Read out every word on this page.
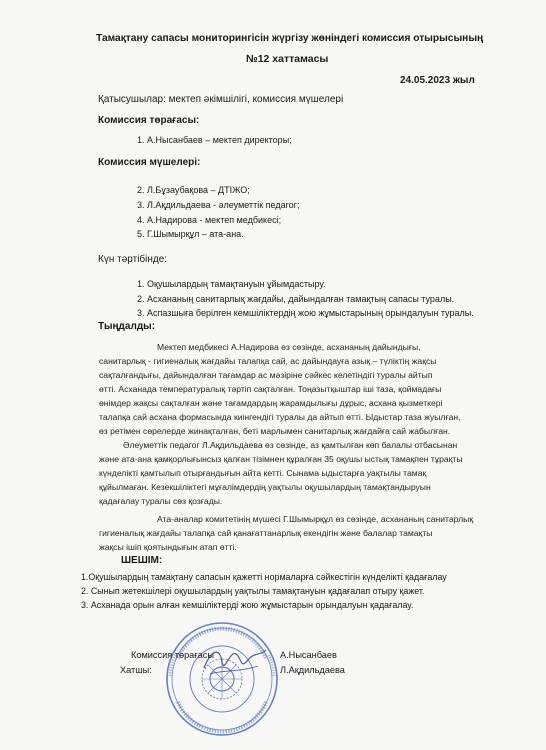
Тамақтану сапасы мониторингісін жүргізу жөніндегі комиссия отырысының
№12 хаттамасы
24.05.2023 жыл
Қатысушылар: мектеп әкімшілігі, комиссия мүшелері
Комиссия төрағасы:
1. А.Нысанбаев – мектеп директоры;
Комиссия мүшелері:
2. Л.Бұзаубақова – ДТІЖО;
3. Л.Ақдильдаева - әлеуметтік педагог;
4. А.Надирова - мектеп медбикесі;
5. Г.Шымырқұл – ата-ана.
Күн тәртібінде:
1. Оқушылардың тамақтануын ұйымдастыру.
2. Асхананың санитарлық жағдайы, дайындалған тамақтың сапасы туралы.
3. Аспазшыға берілген кемшіліктердің жою жұмыстарының орындалуын туралы.
Тыңдалды:
Мектеп медбикесі А.Надирова өз сөзінде, асхананың дайындығы,
санитарлық - гигиеналық жағдайы талапқа сай, ас дайындауға азық – түліктің жақсы
сақталғандығы, дайындалған тағамдар ас мәзіріне сәйкес келетіндігі туралы айтып
өтті. Асханада температуралық тәртіп сақталған. Тоңазытқыштар іші таза, қоймадағы
өнімдер жақсы сақталған және тағамдардың жарамдылығы дұрыс, асхана қызметкері
талапқа сай асхана формасында киінгендігі туралы да айтып өтті. Ыдыстар таза жуылған,
өз ретімен сөрелерде жинақталған, беті марлымен санитарлық жағдайға сай жабылған.
Әлеуметтік педагог Л.Ақдильдаева өз сөзінде, аз қамтылған көп балалы отбасынан
және ата-ана қамқорлығынсыз қалған тізімнен құралған 35 оқушы ыстық тамақпен тұрақты
күнделікті қамтылып отырғандығын айта кетті. Сынама ыдыстарға уақтылы тамақ
құйылмаған. Кезекшіліктегі мұғалімдердің уақтылы оқушылардың тамақтандыруын
қадағалау туралы сөз қозғады.
Ата-аналар комитетінің мүшесі Г.Шымырқұл өз сөзінде, асхананың санитарлық
гигиеналық жағдайы талапқа сай қанағаттанарлық екендігін және балалар тамақты
жақсы ішіп қоятындығын атап өтті.
ШЕШІМ:
1.Оқушылардың тамақтану сапасын қажетті нормаларға сәйкестігін күнделікті қадағалау
2. Сынып жетекшілері оқушылардың уақтылы тамақтануын қадағалап отыру қажет.
3. Асханада орын алған кемшіліктерді жою жұмыстарын орындалуын қадағалау.
Комиссия төрағасы	А.Нысанбаев
Хатшы:	Л.Ақдильдаева
